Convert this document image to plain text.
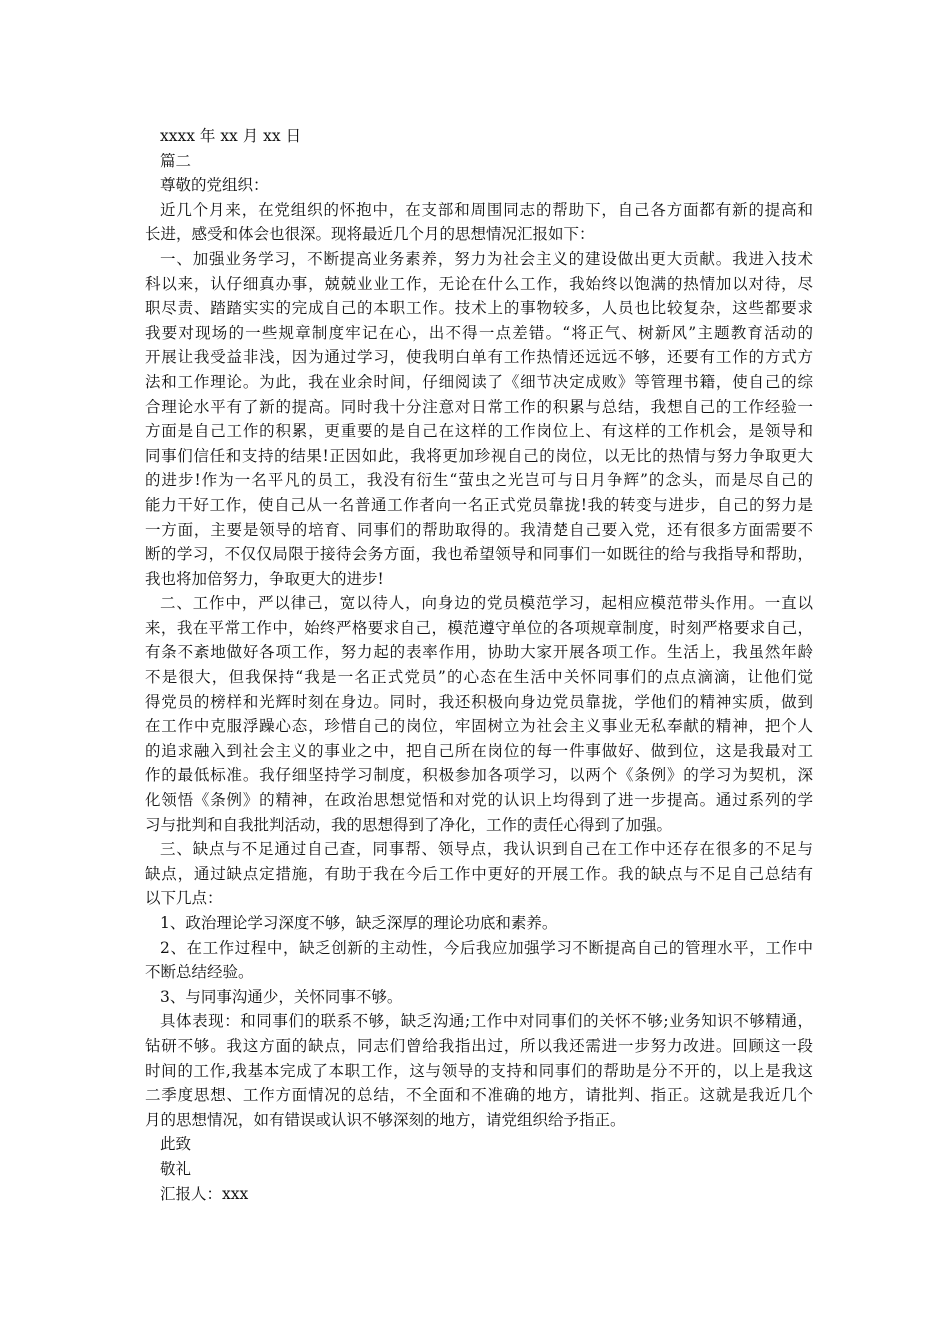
xxxx 年 xx 月 xx 日
篇二
尊敬的党组织：
近几个月来，在党组织的怀抱中，在支部和周围同志的帮助下，自己各方面都有新的提高和
长进，感受和体会也很深。现将最近几个月的思想情况汇报如下：
一、加强业务学习，不断提高业务素养，努力为社会主义的建设做出更大贡献。我进入技术
科以来，认仔细真办事，兢兢业业工作，无论在什么工作，我始终以饱满的热情加以对待，尽
职尽责、踏踏实实的完成自己的本职工作。技术上的事物较多，人员也比较复杂，这些都要求
我要对现场的一些规章制度牢记在心，出不得一点差错。“将正气、树新风”主题教育活动的
开展让我受益非浅，因为通过学习，使我明白单有工作热情还远远不够，还要有工作的方式方
法和工作理论。为此，我在业余时间，仔细阅读了《细节决定成败》等管理书籍，使自己的综
合理论水平有了新的提高。同时我十分注意对日常工作的积累与总结，我想自己的工作经验一
方面是自己工作的积累，更重要的是自己在这样的工作岗位上、有这样的工作机会，是领导和
同事们信任和支持的结果!正因如此，我将更加珍视自己的岗位，以无比的热情与努力争取更大
的进步!作为一名平凡的员工，我没有衍生“萤虫之光岂可与日月争辉”的念头，而是尽自己的
能力干好工作，使自己从一名普通工作者向一名正式党员靠拢!我的转变与进步，自己的努力是
一方面，主要是领导的培育、同事们的帮助取得的。我清楚自己要入党，还有很多方面需要不
断的学习，不仅仅局限于接待会务方面，我也希望领导和同事们一如既往的给与我指导和帮助，
我也将加倍努力，争取更大的进步!
二、工作中，严以律己，宽以待人，向身边的党员模范学习，起相应模范带头作用。一直以
来，我在平常工作中，始终严格要求自己，模范遵守单位的各项规章制度，时刻严格要求自己，
有条不紊地做好各项工作，努力起的表率作用，协助大家开展各项工作。生活上，我虽然年龄
不是很大，但我保持“我是一名正式党员”的心态在生活中关怀同事们的点点滴滴，让他们觉
得党员的榜样和光辉时刻在身边。同时，我还积极向身边党员靠拢，学他们的精神实质，做到
在工作中克服浮躁心态，珍惜自己的岗位，牢固树立为社会主义事业无私奉献的精神，把个人
的追求融入到社会主义的事业之中，把自己所在岗位的每一件事做好、做到位，这是我最对工
作的最低标准。我仔细坚持学习制度，积极参加各项学习，以两个《条例》的学习为契机，深
化领悟《条例》的精神，在政治思想觉悟和对党的认识上均得到了进一步提高。通过系列的学
习与批判和自我批判活动，我的思想得到了净化，工作的责任心得到了加强。
三、缺点与不足通过自己查，同事帮、领导点，我认识到自己在工作中还存在很多的不足与
缺点，通过缺点定措施，有助于我在今后工作中更好的开展工作。我的缺点与不足自己总结有
以下几点：
1、政治理论学习深度不够，缺乏深厚的理论功底和素养。
2、在工作过程中，缺乏创新的主动性，今后我应加强学习不断提高自己的管理水平，工作中
不断总结经验。
3、与同事沟通少，关怀同事不够。
具体表现：和同事们的联系不够，缺乏沟通;工作中对同事们的关怀不够;业务知识不够精通，
钻研不够。我这方面的缺点，同志们曾给我指出过，所以我还需进一步努力改进。回顾这一段
时间的工作,我基本完成了本职工作，这与领导的支持和同事们的帮助是分不开的，以上是我这
二季度思想、工作方面情况的总结，不全面和不准确的地方，请批判、指正。这就是我近几个
月的思想情况，如有错误或认识不够深刻的地方，请党组织给予指正。
此致
敬礼
汇报人：xxx
